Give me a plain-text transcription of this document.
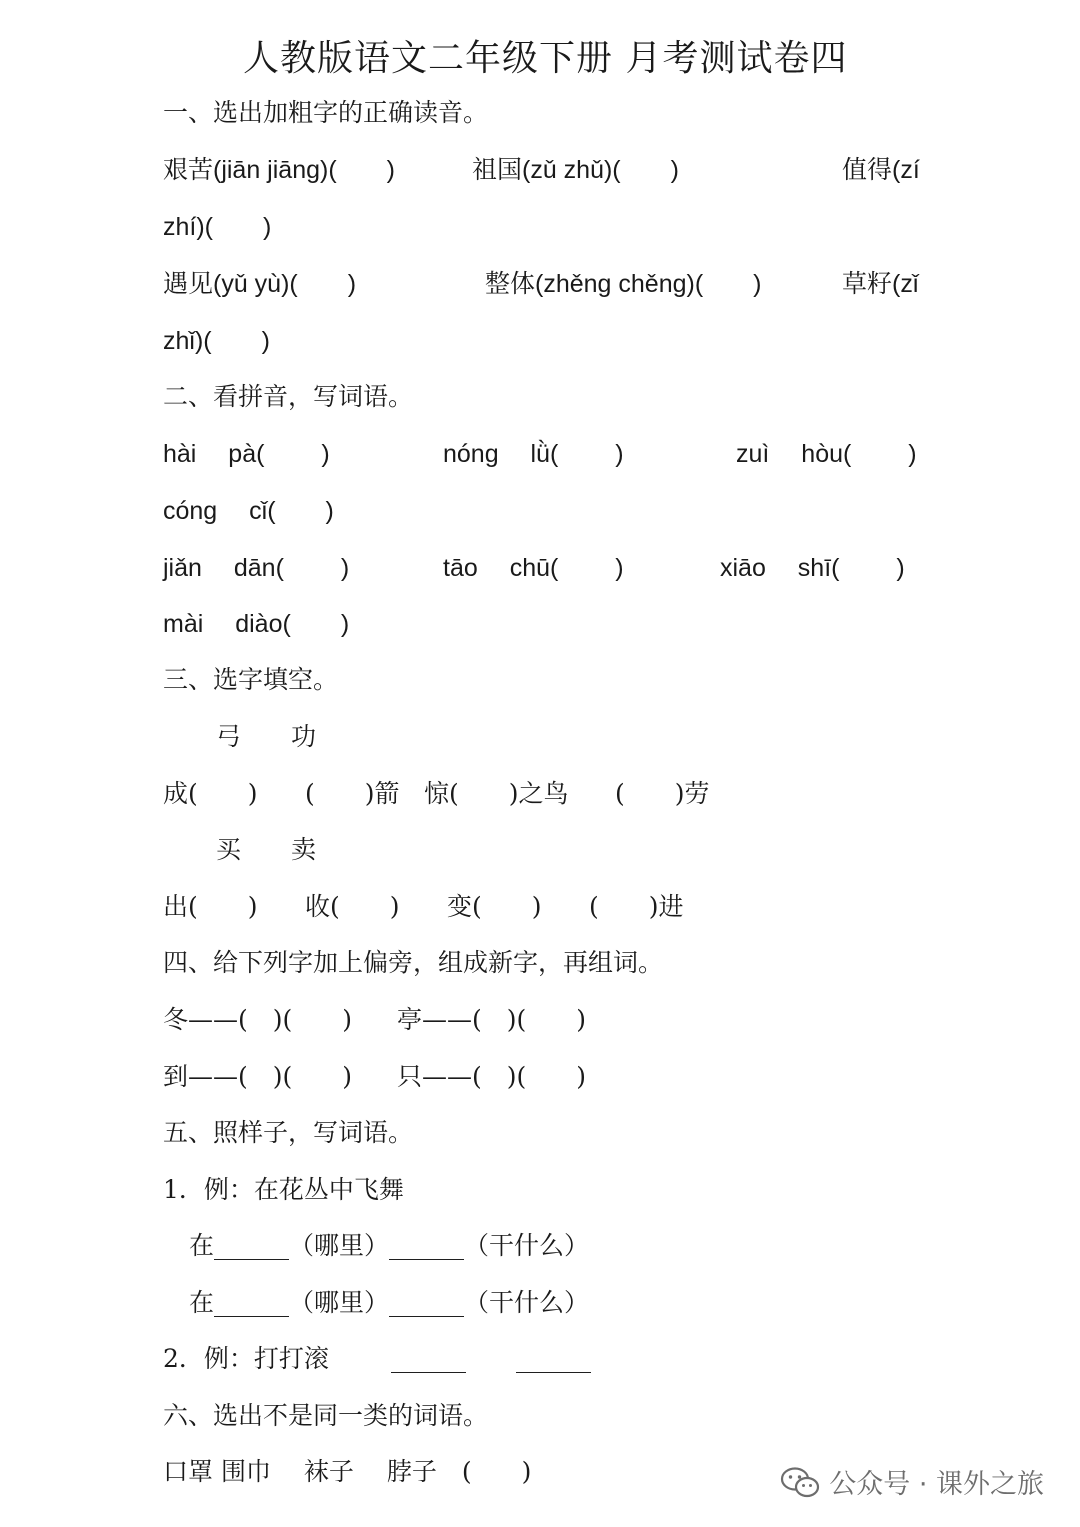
人教版语文二年级下册 月考测试卷四
一、选出加粗字的正确读音。
艰苦(jiān jiāng)(　　)	祖国(zǔ zhǔ)(　　)	值得(zí
zhí)(　　)
遇见(yǔ yù)(　　)	整体(zhěng chěng)(　　)	草籽(zǐ
zhǐ)(　　)
二、看拼音，写词语。
hài　 pà(　　 )	nóng　 lǜ(　　 )	zuì　 hòu(　　 )
cóng　 cǐ(　　)
jiǎn　 dān(　　 )	tāo　 chū(　　 )	xiāo　 shī(　　 )
mài　 diào(　　)
三、选字填空。
弓 功
成(　　) (　　)箭 惊(　　)之鸟 (　　)劳
买 卖
出(　　) 收(　　) 变(　　) (　　)进
四、给下列字加上偏旁，组成新字，再组词。
冬——(　)(　　) 亭——(　)(　　)
到——(　)(　　) 只——(　)(　　)
五、照样子，写词语。
1．例：在花丛中飞舞
在______（哪里）______（干什么）
在______（哪里）______（干什么）
2．例：打打滚 ______　　______
六、选出不是同一类的词语。
口罩 围巾　 袜子　 脖子　(　　)	公众号 · 课外之旅
